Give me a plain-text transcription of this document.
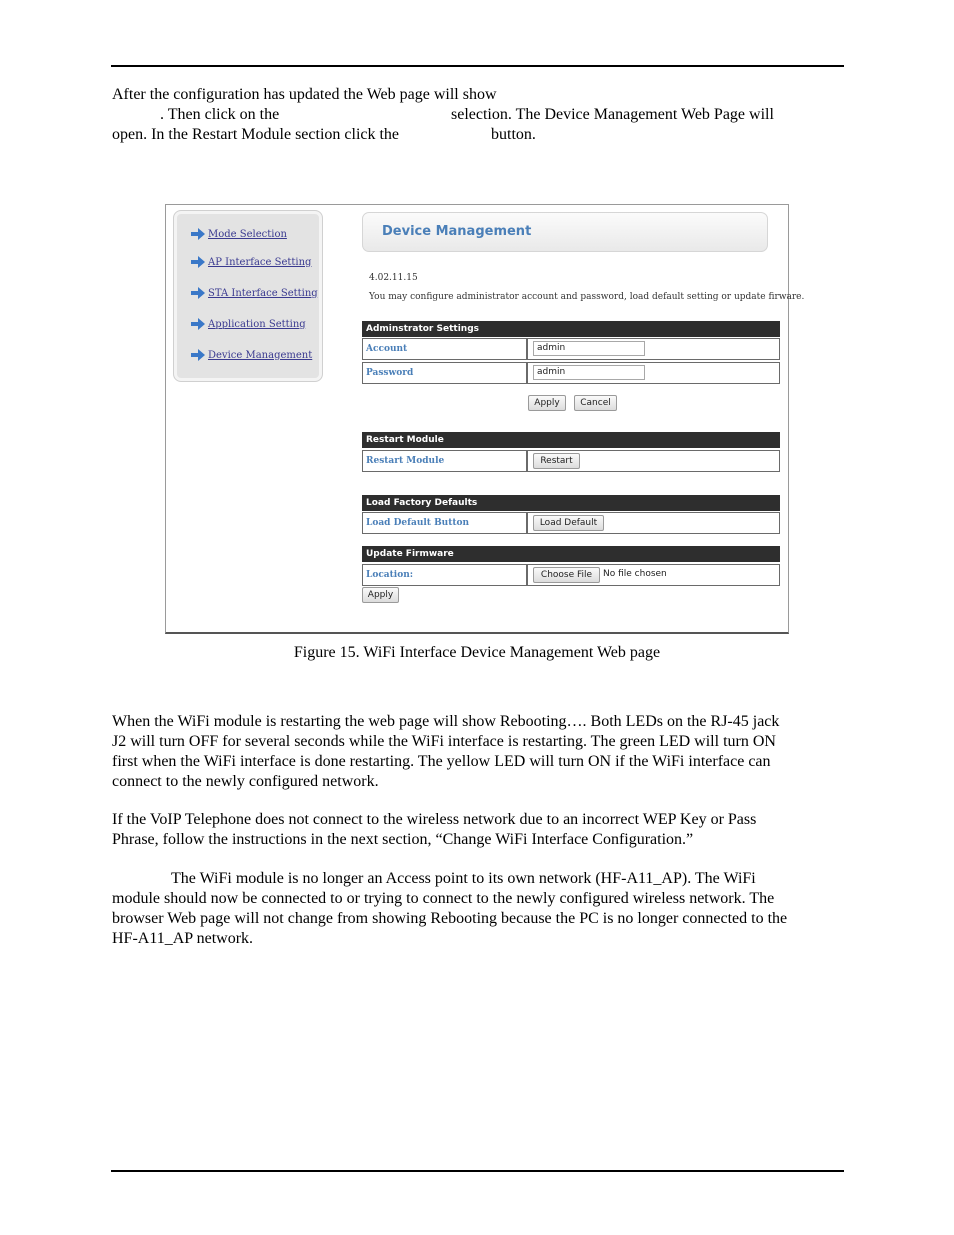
After the configuration has updated the Web page will show
. Then click on the	selection. The Device Management Web Page will
open. In the Restart Module section click the	button.
Mode Selection
AP Interface Setting
STA Interface Setting
Application Setting
Device Management
Device Management
4.02.11.15
You may configure administrator account and password, load default setting or update firware.
Adminstrator Settings
Account	admin
Password	admin
Apply	Cancel
Restart Module
Restart Module	Restart
Load Factory Defaults
Load Default Button	Load Default
Update Firmware
Location:	Choose File	No file chosen
Apply
Figure 15. WiFi Interface Device Management Web page
When the WiFi module is restarting the web page will show Rebooting…. Both LEDs on the RJ-45 jack
J2 will turn OFF for several seconds while the WiFi interface is restarting. The green LED will turn ON
first when the WiFi interface is done restarting. The yellow LED will turn ON if the WiFi interface can
connect to the newly configured network.
If the VoIP Telephone does not connect to the wireless network due to an incorrect WEP Key or Pass
Phrase, follow the instructions in the next section, “Change WiFi Interface Configuration.”
The WiFi module is no longer an Access point to its own network (HF-A11_AP). The WiFi
module should now be connected to or trying to connect to the newly configured wireless network. The
browser Web page will not change from showing Rebooting because the PC is no longer connected to the
HF-A11_AP network.
